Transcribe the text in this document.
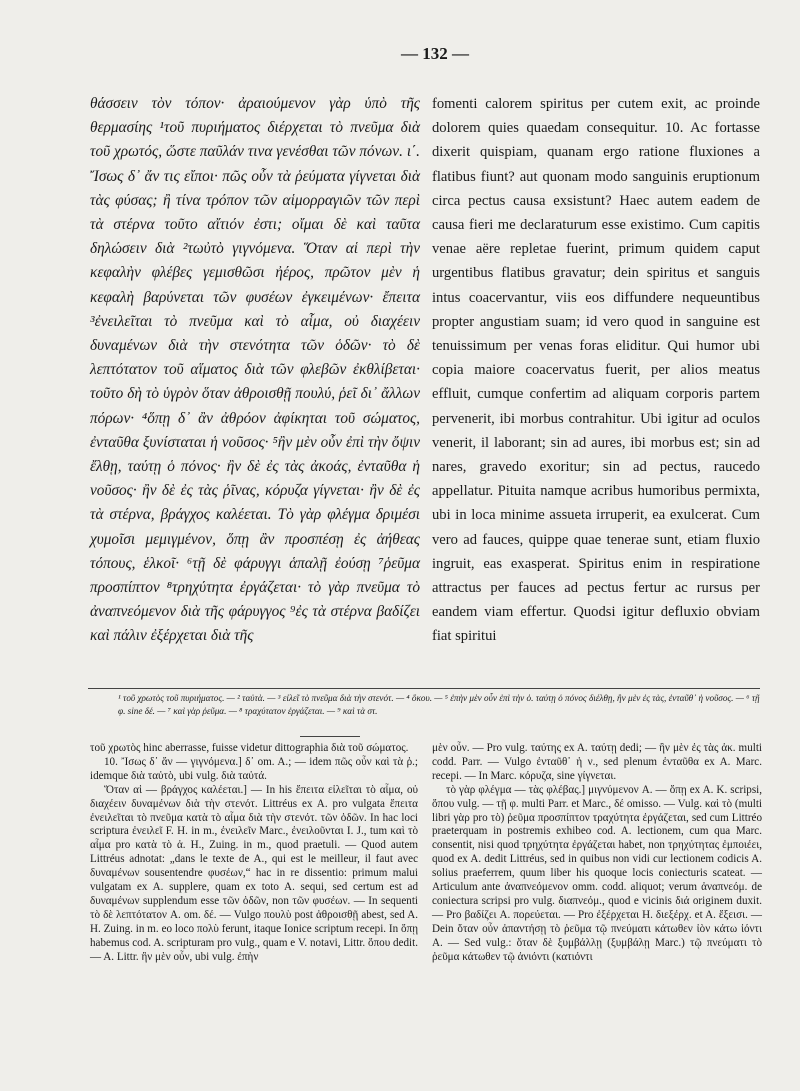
— 132 —

θάσσειν τὸν τόπον· ἀραιούμενον γὰρ ὑπὸ τῆς θερμασίης ¹τοῦ πυριήματος διέρχεται τὸ πνεῦμα διὰ τοῦ χρωτός, ὥστε παῦλάν τινα γενέσθαι τῶν πόνων. ι΄. Ἴσως δ᾽ ἄν τις εἴποι· πῶς οὖν τὰ ῥεύματα γίγνεται διὰ τὰς φύσας; ἢ τίνα τρόπον τῶν αἱμορραγιῶν τῶν περὶ τὰ στέρνα τοῦτο αἴτιόν ἐστι; οἴμαι δὲ καὶ ταῦτα δηλώσειν διὰ ²τωὐτὸ γιγνόμενα. Ὅταν αἱ περὶ τὴν κεφαλὴν φλέβες γεμισθῶσι ἠέρος, πρῶτον μὲν ἡ κεφαλὴ βαρύνεται τῶν φυσέων ἐγκειμένων· ἔπειτα ³ἐνειλεῖται τὸ πνεῦμα καὶ τὸ αἷμα, οὐ διαχέειν δυναμένων διὰ τὴν στενότητα τῶν ὁδῶν· τὸ δὲ λεπτότατον τοῦ αἵματος διὰ τῶν φλεβῶν ἐκθλίβεται· τοῦτο δὴ τὸ ὑγρὸν ὅταν ἀθροισθῇ πουλύ, ῥεῖ δι᾽ ἄλλων πόρων· ⁴ὅπῃ δ᾽ ἂν ἀθρόον ἀφίκηται τοῦ σώματος, ἐνταῦθα ξυνίσταται ἡ νοῦσος· ⁵ἢν μὲν οὖν ἐπὶ τὴν ὄψιν ἔλθῃ, ταύτῃ ὁ πόνος· ἢν δὲ ἐς τὰς ἀκοάς, ἐνταῦθα ἡ νοῦσος· ἢν δὲ ἐς τὰς ῥῖνας, κόρυζα γίγνεται· ἢν δὲ ἐς τὰ στέρνα, βράγχος καλέεται. Τὸ γὰρ φλέγμα δριμέσι χυμοῖσι μεμιγμένον, ὅπῃ ἂν προσπέσῃ ἐς ἀήθεας τόπους, ἑλκοῖ· ⁶τῇ δὲ φάρυγγι ἁπαλῇ ἐούσῃ ⁷ῥεῦμα προσπίπτον ⁸τρηχύτητα ἐργάζεται· τὸ γὰρ πνεῦμα τὸ ἀναπνεόμενον διὰ τῆς φάρυγγος ⁹ἐς τὰ στέρνα βαδίζει καὶ πάλιν ἐξέρχεται διὰ τῆς

fomenti calorem spiritus per cutem exit, ac proinde dolorem quies quaedam consequitur. 10. Ac fortasse dixerit quispiam, quanam ergo ratione fluxiones a flatibus fiunt? aut quonam modo sanguinis eruptionum circa pectus causa exsistunt? Haec autem eadem de causa fieri me declaraturum esse existimo. Cum capitis venae aëre repletae fuerint, primum quidem caput urgentibus flatibus gravatur; dein spiritus et sanguis intus coacervantur, viis eos diffundere nequeuntibus propter angustiam suam; id vero quod in sanguine est tenuissimum per venas foras eliditur. Qui humor ubi copia maiore coacervatus fuerit, per alios meatus effluit, cumque confertim ad aliquam corporis partem pervenerit, ibi morbus contrahitur. Ubi igitur ad oculos venerit, il laborant; sin ad aures, ibi morbus est; sin ad nares, gravedo exoritur; sin ad pectus, raucedo appellatur. Pituita namque acribus humoribus permixta, ubi in loca minime assueta irruperit, ea exulcerat. Cum vero ad fauces, quippe quae tenerae sunt, etiam fluxio ingruit, eas exasperat. Spiritus enim in respiratione attractus per fauces ad pectus fertur ac rursus per eandem viam effertur. Quodsi igitur defluxio obviam fiat spiritui

¹ τοῦ χρωτὸς τοῦ πυριήματος. — ² ταὐτὰ. — ³ εἰλεῖ τὸ πνεῦμα διὰ τὴν στενότ. — ⁴ ὅκου. — ⁵ ἐπὴν μὲν οὖν ἐπὶ τὴν ὀ. ταύτῃ ὁ πόνος διέλθῃ, ἢν μὲν ἐς τὰς, ἐνταῦθ᾽ ἡ νοῦσος. — ⁶ τῇ φ. sine δέ. — ⁷ καὶ γὰρ ῥεῦμα. — ⁸ τραχύτατον ἐργάζεται. — ⁹ καὶ τὰ στ.

τοῦ χρωτὸς hinc aberrasse, fuisse videtur dittographia διὰ τοῦ σώματος.

10. Ἴσως δ᾽ ἄν — γιγνόμενα.] δ᾽ om. A.; — idem πῶς οὖν καὶ τὰ ῥ.; idemque διὰ ταὐτὸ, ubi vulg. διὰ ταὐτά.

Ὅταν αἱ — βράγχος καλέεται.] — In his ἔπειτα εἰλεῖται τὸ αἷμα, οὐ διαχέειν δυναμένων διὰ τὴν στενότ. Littréus ex A. pro vulgata ἔπειτα ἐνειλεῖται τὸ πνεῦμα κατὰ τὸ αἷμα διὰ τὴν στενότ. τῶν ὁδῶν. In hac loci scriptura ἐνειλεῖ F. H. in m., ἐνειλεῖν Marc., ἐνειλοῦνται I. J., tum καὶ τὸ αἷμα pro κατὰ τὸ ἀ. H., Zuing. in m., quod praetuli. — Quod autem Littréus adnotat: „dans le texte de A., qui est le meilleur, il faut avec δυναμένων sousentendre φυσέων,“ hac in re dissentio: primum malui vulgatam ex A. supplere, quam ex toto A. sequi, sed certum est ad δυναμένων supplendum esse τῶν ὁδῶν, non τῶν φυσέων. — In sequenti τὸ δὲ λεπτότατον A. om. δέ. — Vulgo πουλὺ post ἀθροισθῇ abest, sed A. H. Zuing. in m. eo loco πολὺ ferunt, itaque Ionice scriptum recepi. In ὅπῃ habemus cod. A. scripturam pro vulg., quam e V. notavi, Littr. ὅπου dedit. — A. Littr. ἢν μὲν οὖν, ubi vulg. ἐπὴν

μὲν οὖν. — Pro vulg. ταύτης ex A. ταύτῃ dedi; — ἢν μὲν ἐς τὰς ἀκ. multi codd. Parr. — Vulgo ἐνταῦθ᾽ ἡ ν., sed plenum ἐνταῦθα ex A. Marc. recepi. — In Marc. κόρυζα, sine γίγνεται.

τὸ γὰρ φλέγμα — τὰς φλέβας.] μιγνύμενον A. — ὅπῃ ex A. K. scripsi, ὅπου vulg. — τῇ φ. multi Parr. et Marc., δέ omisso. — Vulg. καὶ τὸ (multi libri γὰρ pro τὸ) ῥεῦμα προσπίπτον τραχύτητα ἐργάζεται, sed cum Littréo praeterquam in postremis exhibeo cod. A. lectionem, cum qua Marc. consentit, nisi quod τρηχύτητα ἐργάζεται habet, non τρηχύτητας ἐμποιέει, quod ex A. dedit Littréus, sed in quibus non vidi cur lectionem codicis A. solius praeferrem, quum liber his quoque locis coniecturis scateat. — Articulum ante ἀναπνεόμενον omm. codd. aliquot; verum ἀναπνεόμ. de coniectura scripsi pro vulg. διαπνεόμ., quod e vicinis διά originem duxit. — Pro βαδίζει A. πορεύεται. — Pro ἐξέρχεται H. διεξέρχ. et A. ἔξεισι. — Dein ὅταν οὖν ἀπαντήσῃ τὸ ῥεῦμα τῷ πνεύματι κάτωθεν ἰὸν κάτω ἰόντι A. — Sed vulg.: ὅταν δὲ ξυμβάλλῃ (ξυμβάλῃ Marc.) τῷ πνεύματι τὸ ῥεῦμα κάτωθεν τῷ ἀνιόντι (κατιόντι
